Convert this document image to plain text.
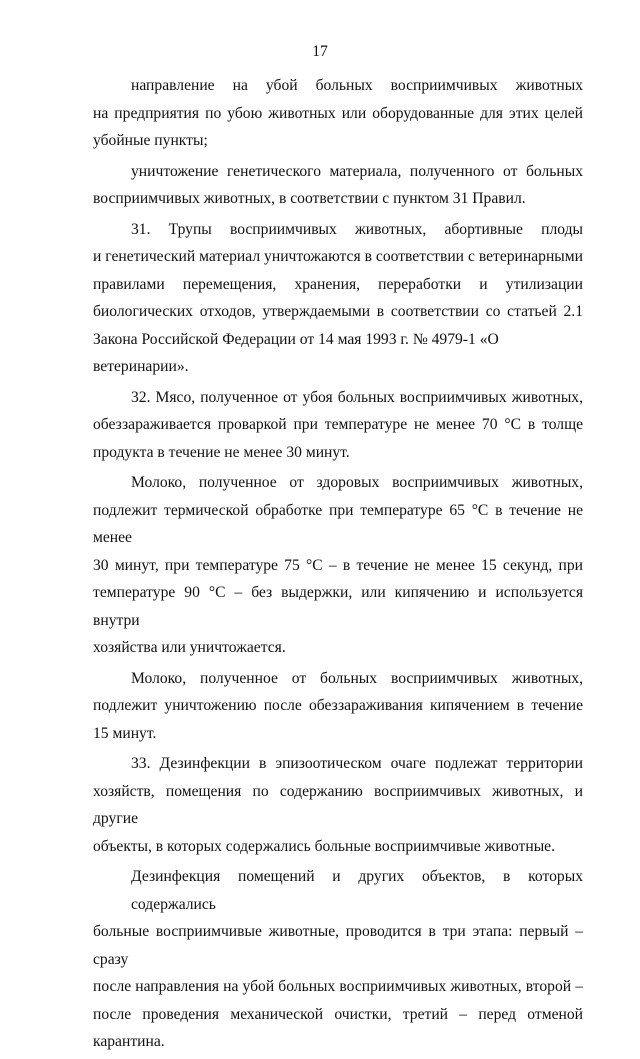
17
направление на убой больных восприимчивых животных
на предприятия по убою животных или оборудованные для этих целей
убойные пункты;
уничтожение генетического материала, полученного от больных
восприимчивых животных, в соответствии с пунктом 31 Правил.
31. Трупы восприимчивых животных, абортивные плоды
и генетический материал уничтожаются в соответствии с ветеринарными
правилами перемещения, хранения, переработки и утилизации
биологических отходов, утверждаемыми в соответствии со статьей 2.1
Закона Российской Федерации от 14 мая 1993 г. № 4979-1 «О ветеринарии».
32. Мясо, полученное от убоя больных восприимчивых животных,
обеззараживается проваркой при температуре не менее 70 °С в толще
продукта в течение не менее 30 минут.
Молоко, полученное от здоровых восприимчивых животных,
подлежит термической обработке при температуре 65 °С в течение не менее
30 минут, при температуре 75 °С – в течение не менее 15 секунд, при
температуре 90 °С – без выдержки, или кипячению и используется внутри
хозяйства или уничтожается.
Молоко, полученное от больных восприимчивых животных,
подлежит уничтожению после обеззараживания кипячением в течение
15 минут.
33. Дезинфекции в эпизоотическом очаге подлежат территории
хозяйств, помещения по содержанию восприимчивых животных, и другие
объекты, в которых содержались больные восприимчивые животные.
Дезинфекция помещений и других объектов, в которых содержались
больные восприимчивые животные, проводится в три этапа: первый – сразу
после направления на убой больных восприимчивых животных, второй –
после проведения механической очистки, третий – перед отменой
карантина.
